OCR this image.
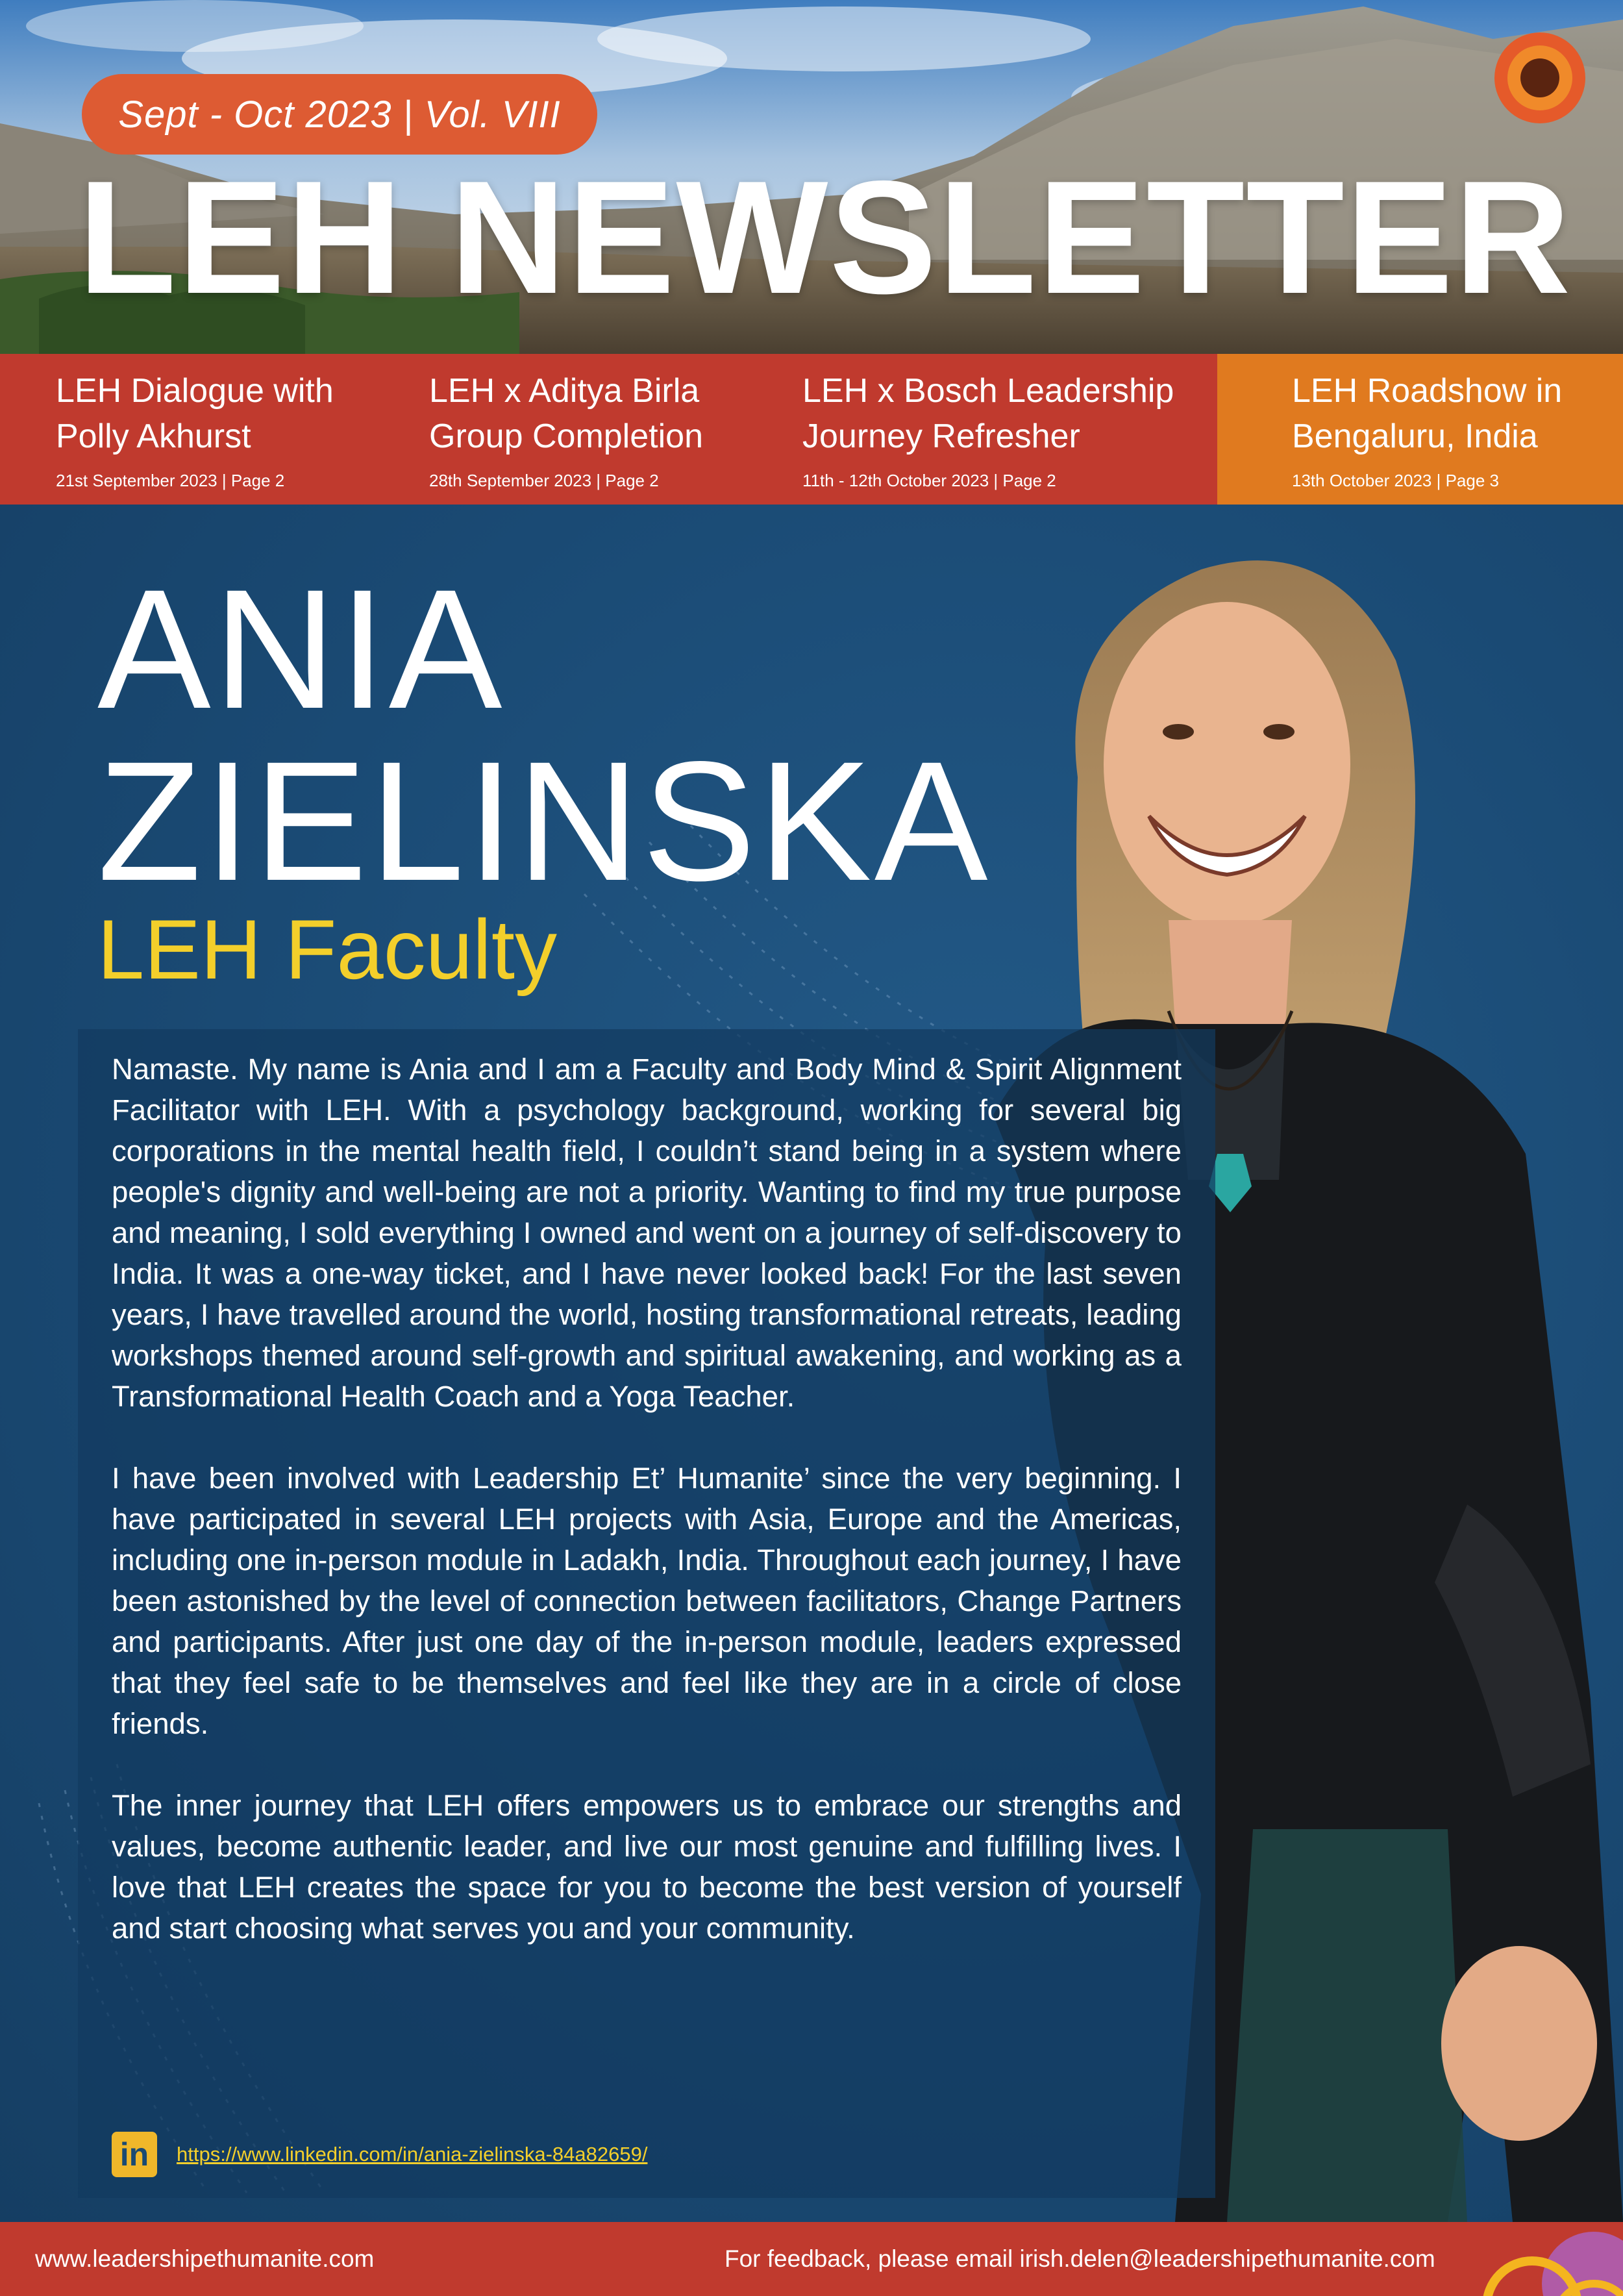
Sept - Oct 2023 | Vol. VIII
LEH NEWSLETTER
LEH Dialogue with Polly Akhurst
21st September 2023 | Page 2
LEH x Aditya Birla Group Completion
28th September 2023 | Page 2
LEH x Bosch Leadership Journey Refresher
11th - 12th October 2023 | Page 2
LEH Roadshow in Bengaluru, India
13th October 2023 | Page 3
ANIA
ZIELINSKA
LEH Faculty

Namaste. My name is Ania and I am a Faculty and Body Mind & Spirit Alignment Facilitator with LEH. With a psychology background, working for several big corporations in the mental health field, I couldn’t stand being in a system where people's dignity and well-being are not a priority. Wanting to find my true purpose and meaning, I sold everything I owned and went on a journey of self-discovery to India. It was a one-way ticket, and I have never looked back! For the last seven years, I have travelled around the world, hosting transformational retreats, leading workshops themed around self-growth and spiritual awakening, and working as a Transformational Health Coach and a Yoga Teacher.

I have been involved with Leadership Et’ Humanite’ since the very beginning. I have participated in several LEH projects with Asia, Europe and the Americas, including one in-person module in Ladakh, India. Throughout each journey, I have been astonished by the level of connection between facilitators, Change Partners and participants. After just one day of the in-person module, leaders expressed that they feel safe to be themselves and feel like they are in a circle of close friends.

The inner journey that LEH offers empowers us to embrace our strengths and values, become authentic leader, and live our most genuine and fulfilling lives. I love that LEH creates the space for you to become the best version of yourself and start choosing what serves you and your community.

in	https://www.linkedin.com/in/ania-zielinska-84a82659/
www.leadershipethumanite.com	For feedback, please email irish.delen@leadershipethumanite.com
